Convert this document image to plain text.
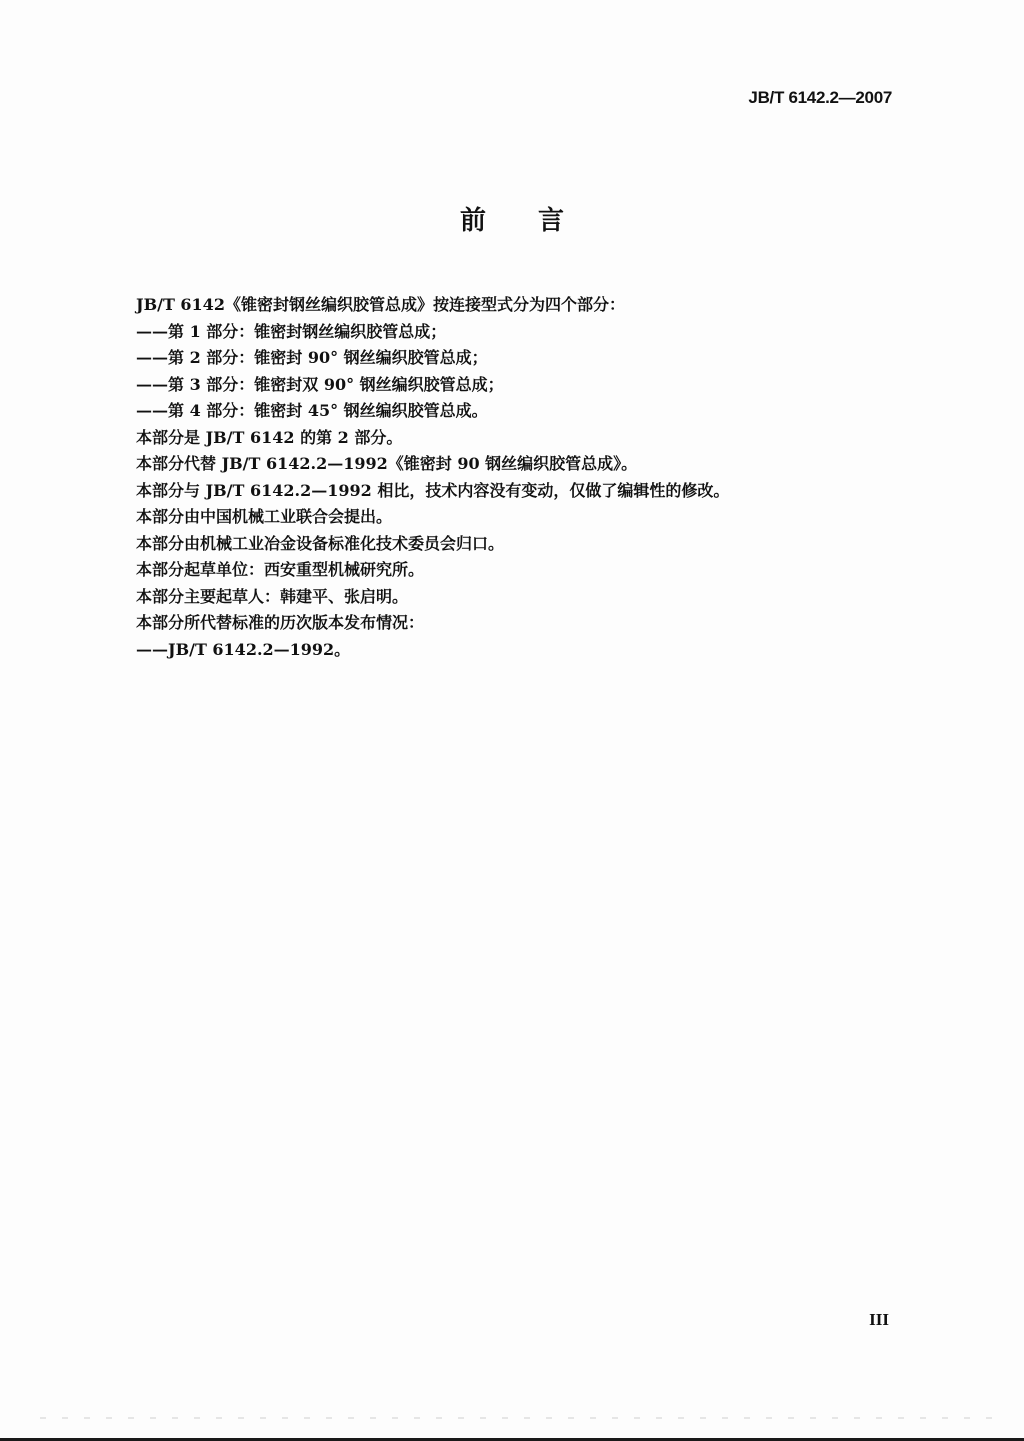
JB/T 6142.2—2007
前言
JB/T 6142《锥密封钢丝编织胶管总成》按连接型式分为四个部分：
——第 1 部分：锥密封钢丝编织胶管总成；
——第 2 部分：锥密封 90° 钢丝编织胶管总成；
——第 3 部分：锥密封双 90° 钢丝编织胶管总成；
——第 4 部分：锥密封 45° 钢丝编织胶管总成。
本部分是 JB/T 6142 的第 2 部分。
本部分代替 JB/T 6142.2—1992《锥密封 90 钢丝编织胶管总成》。
本部分与 JB/T 6142.2—1992 相比，技术内容没有变动，仅做了编辑性的修改。
本部分由中国机械工业联合会提出。
本部分由机械工业冶金设备标准化技术委员会归口。
本部分起草单位：西安重型机械研究所。
本部分主要起草人：韩建平、张启明。
本部分所代替标准的历次版本发布情况：
——JB/T 6142.2—1992。
III
